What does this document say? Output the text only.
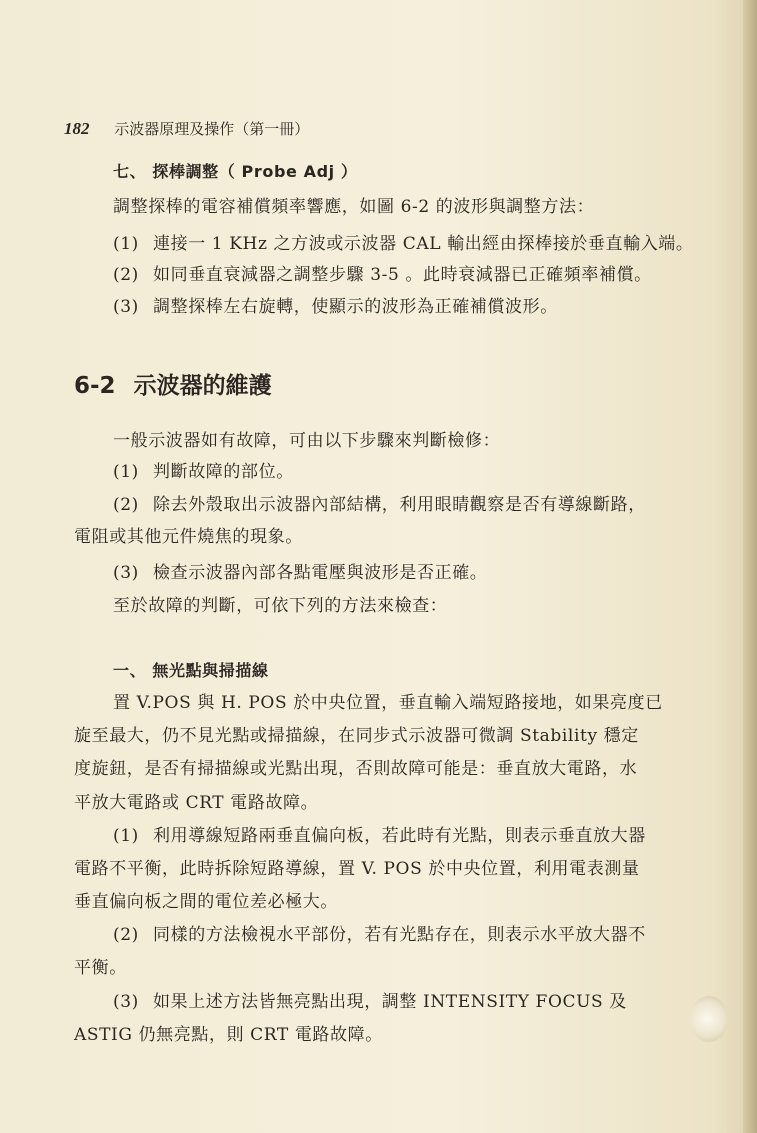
182 示波器原理及操作（第一冊）
七、 探棒調整（ Probe Adj ）
調整探棒的電容補償頻率響應，如圖 6-2 的波形與調整方法：
(1) 連接一 1 KHz 之方波或示波器 CAL 輸出經由探棒接於垂直輸入端。
(2) 如同垂直衰減器之調整步驟 3-5 。此時衰減器已正確頻率補償。
(3) 調整探棒左右旋轉，使顯示的波形為正確補償波形。
6-2 示波器的維護
一般示波器如有故障，可由以下步驟來判斷檢修：
(1) 判斷故障的部位。
(2) 除去外殼取出示波器內部結構，利用眼睛觀察是否有導線斷路，
電阻或其他元件燒焦的現象。
(3) 檢查示波器內部各點電壓與波形是否正確。
至於故障的判斷，可依下列的方法來檢查：
一、 無光點與掃描線
置 V.POS 與 H. POS 於中央位置，垂直輸入端短路接地，如果亮度已
旋至最大，仍不見光點或掃描線，在同步式示波器可微調 Stability 穩定
度旋鈕，是否有掃描線或光點出現，否則故障可能是：垂直放大電路，水
平放大電路或 CRT 電路故障。
(1) 利用導線短路兩垂直偏向板，若此時有光點，則表示垂直放大器
電路不平衡，此時拆除短路導線，置 V. POS 於中央位置，利用電表測量
垂直偏向板之間的電位差必極大。
(2) 同樣的方法檢視水平部份，若有光點存在，則表示水平放大器不
平衡。
(3) 如果上述方法皆無亮點出現，調整 INTENSITY FOCUS 及
ASTIG 仍無亮點，則 CRT 電路故障。
